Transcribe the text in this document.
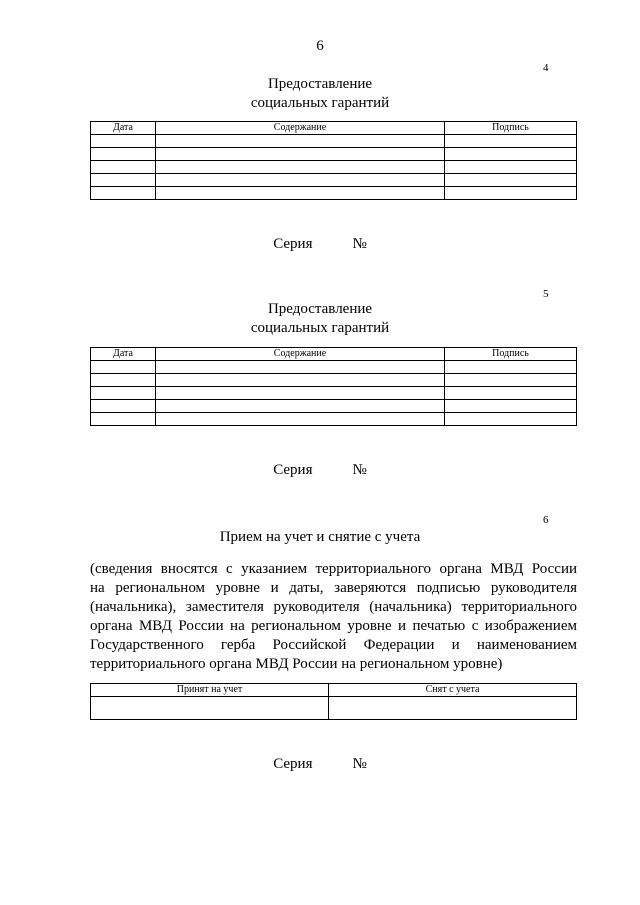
6
4
Предоставление
социальных гарантий
Дата	Содержание	Подпись

Серия	№
5
Предоставление
социальных гарантий
Дата	Содержание	Подпись

Серия	№
6
Прием на учет и снятие с учета
(сведения вносятся с указанием территориального органа МВД России
на региональном уровне и даты, заверяются подписью руководителя
(начальника), заместителя руководителя (начальника) территориального
органа МВД России на региональном уровне и печатью с изображением
Государственного герба Российской Федерации и наименованием
территориального органа МВД России на региональном уровне)
Принят на учет	Снят с учета

Серия	№
